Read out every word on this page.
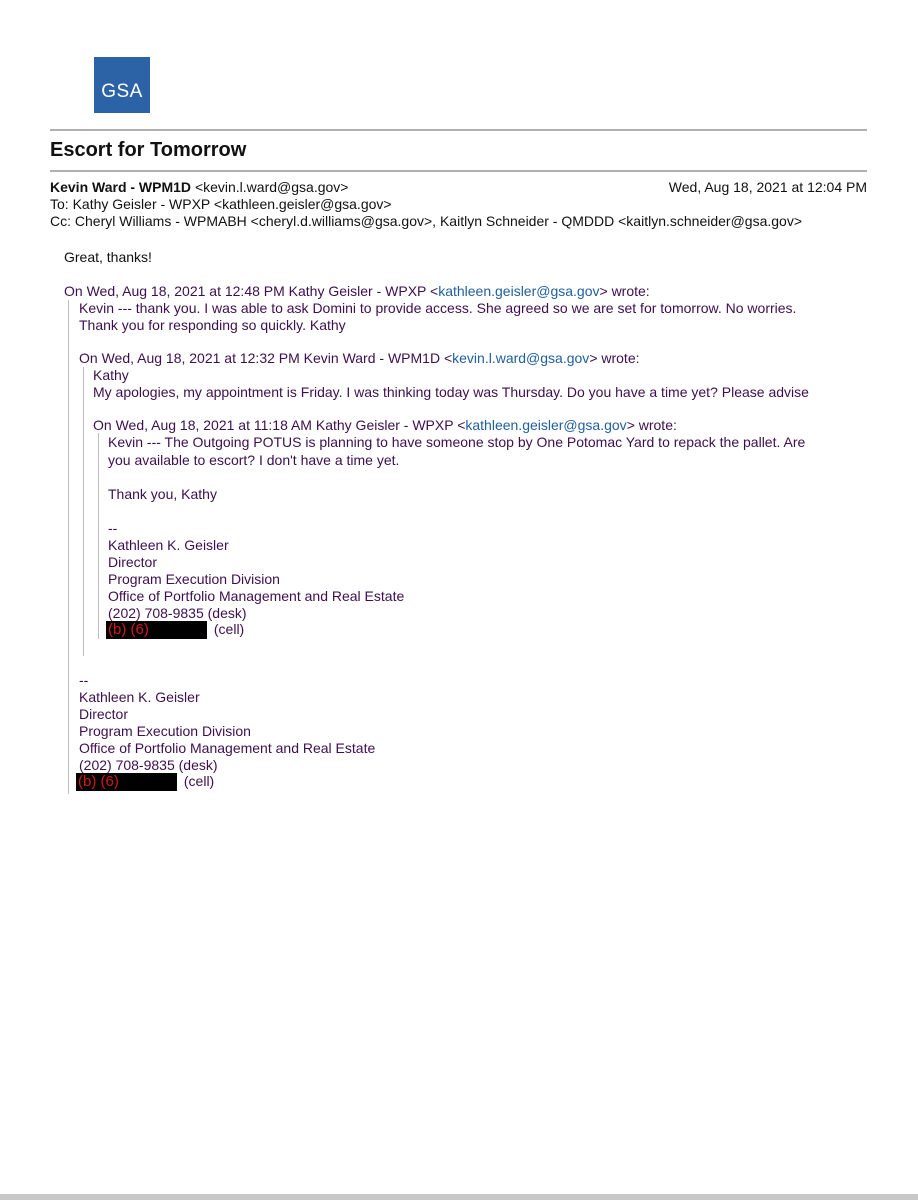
GSA
Escort for Tomorrow
Kevin Ward - WPM1D <kevin.l.ward@gsa.gov>	Wed, Aug 18, 2021 at 12:04 PM
To: Kathy Geisler - WPXP <kathleen.geisler@gsa.gov>
Cc: Cheryl Williams - WPMABH <cheryl.d.williams@gsa.gov>, Kaitlyn Schneider - QMDDD <kaitlyn.schneider@gsa.gov>
Great, thanks!
On Wed, Aug 18, 2021 at 12:48 PM Kathy Geisler - WPXP <kathleen.geisler@gsa.gov> wrote:
Kevin --- thank you. I was able to ask Domini to provide access. She agreed so we are set for tomorrow. No worries.
Thank you for responding so quickly. Kathy
On Wed, Aug 18, 2021 at 12:32 PM Kevin Ward - WPM1D <kevin.l.ward@gsa.gov> wrote:
Kathy
My apologies, my appointment is Friday. I was thinking today was Thursday. Do you have a time yet? Please advise
On Wed, Aug 18, 2021 at 11:18 AM Kathy Geisler - WPXP <kathleen.geisler@gsa.gov> wrote:
Kevin --- The Outgoing POTUS is planning to have someone stop by One Potomac Yard to repack the pallet. Are
you available to escort? I don't have a time yet.
Thank you, Kathy
--
Kathleen K. Geisler
Director
Program Execution Division
Office of Portfolio Management and Real Estate
(202) 708-9835 (desk)
(b) (6)	(cell)
--
Kathleen K. Geisler
Director
Program Execution Division
Office of Portfolio Management and Real Estate
(202) 708-9835 (desk)
(b) (6)	(cell)
